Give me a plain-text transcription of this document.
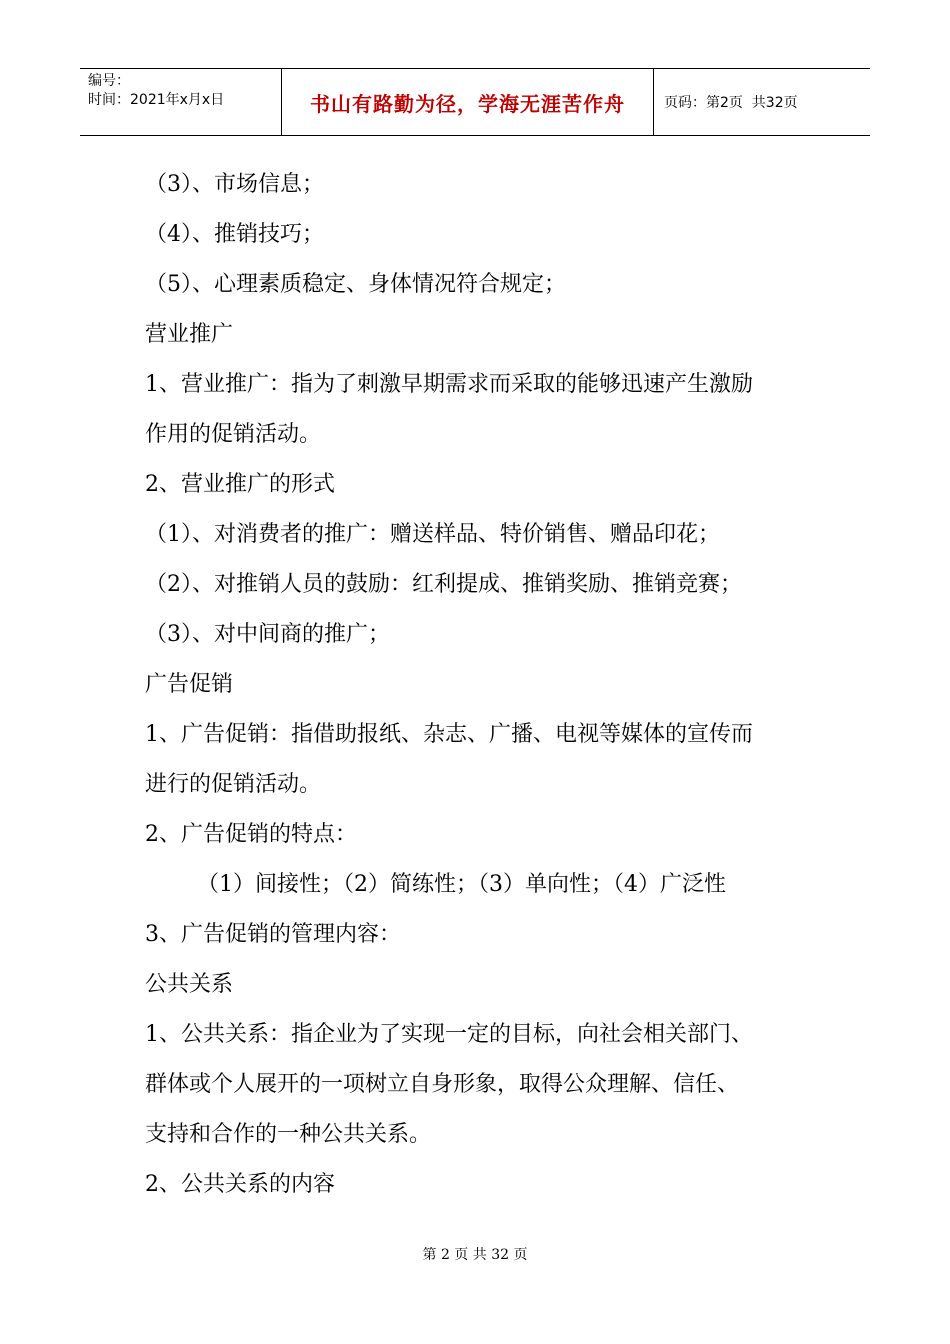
编号：
时间：2021年x月x日	书山有路勤为径，学海无涯苦作舟	页码：第2页  共32页
（3）、市场信息；
（4）、推销技巧；
（5）、心理素质稳定、身体情况符合规定；
营业推广
1、营业推广：指为了刺激早期需求而采取的能够迅速产生激励
作用的促销活动。
2、营业推广的形式
（1）、对消费者的推广：赠送样品、特价销售、赠品印花；
（2）、对推销人员的鼓励：红利提成、推销奖励、推销竞赛；
（3）、对中间商的推广；
广告促销
1、广告促销：指借助报纸、杂志、广播、电视等媒体的宣传而
进行的促销活动。
2、广告促销的特点：
（1）间接性；（2）简练性；（3）单向性；（4）广泛性
3、广告促销的管理内容：
公共关系
1、公共关系：指企业为了实现一定的目标，向社会相关部门、
群体或个人展开的一项树立自身形象，取得公众理解、信任、
支持和合作的一种公共关系。
2、公共关系的内容
第 2 页 共 32 页
